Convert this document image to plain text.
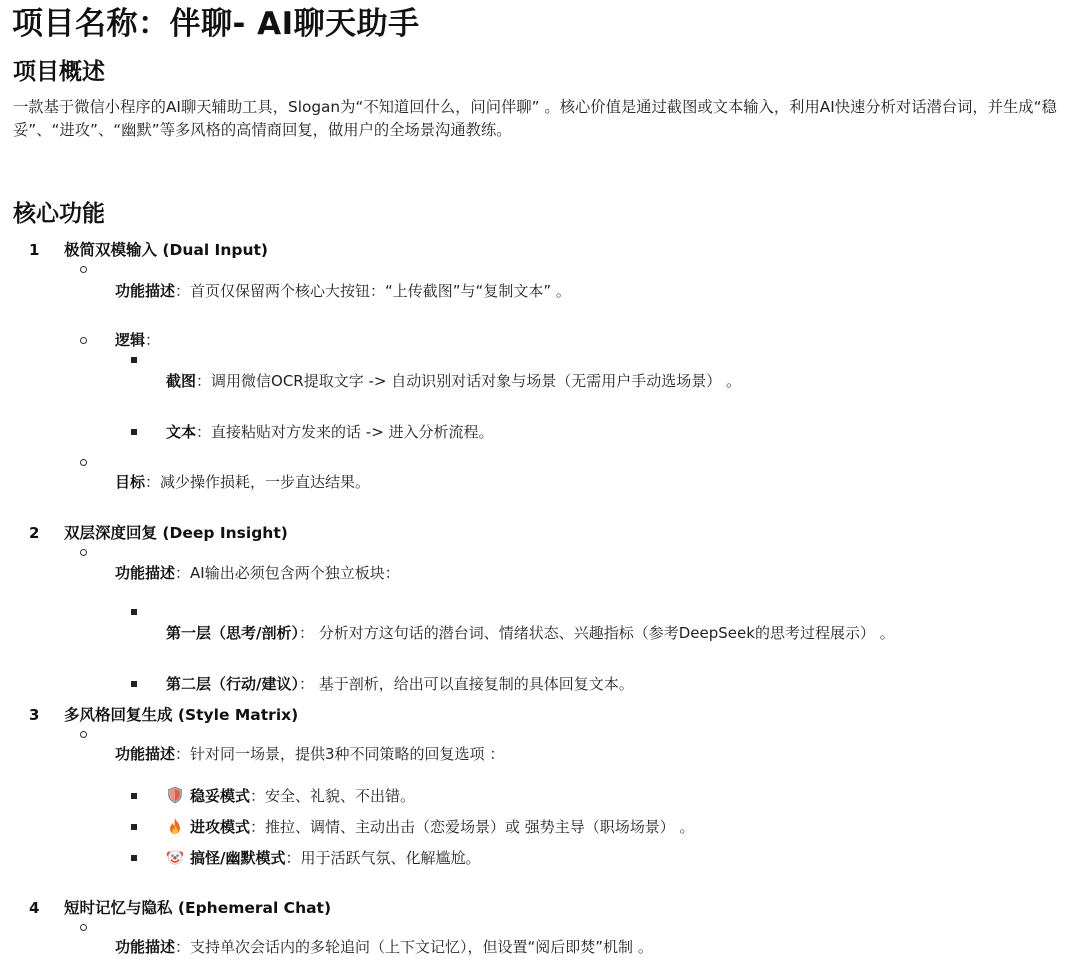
项目名称：伴聊- AI聊天助手
项目概述

一款基于微信小程序的AI聊天辅助工具，Slogan为“不知道回什么，问问伴聊” 。核心价值是通过截图或文本输入，利用AI快速分析对话潜台词，并生成“稳妥”、“进攻”、“幽默”等多风格的高情商回复，做用户的全场景沟通教练。

核心功能
1 极简双模输入 (Dual Input)
功能描述：首页仅保留两个核心大按钮：“上传截图”与“复制文本” 。
逻辑：
截图：调用微信OCR提取文字 -> 自动识别对话对象与场景（无需用户手动选场景） 。
文本：直接粘贴对方发来的话 -> 进入分析流程。
目标：减少操作损耗，一步直达结果。
2 双层深度回复 (Deep Insight)
功能描述：AI输出必须包含两个独立板块：
第一层（思考/剖析）： 分析对方这句话的潜台词、情绪状态、兴趣指标（参考DeepSeek的思考过程展示） 。
第二层（行动/建议）： 基于剖析，给出可以直接复制的具体回复文本。
3 多风格回复生成 (Style Matrix)
功能描述：针对同一场景，提供3种不同策略的回复选项 ：
稳妥模式：安全、礼貌、不出错。
进攻模式：推拉、调情、主动出击（恋爱场景）或 强势主导（职场场景） 。
搞怪/幽默模式：用于活跃气氛、化解尴尬。
4 短时记忆与隐私 (Ephemeral Chat)
功能描述：支持单次会话内的多轮追问（上下文记忆），但设置“阅后即焚”机制 。
